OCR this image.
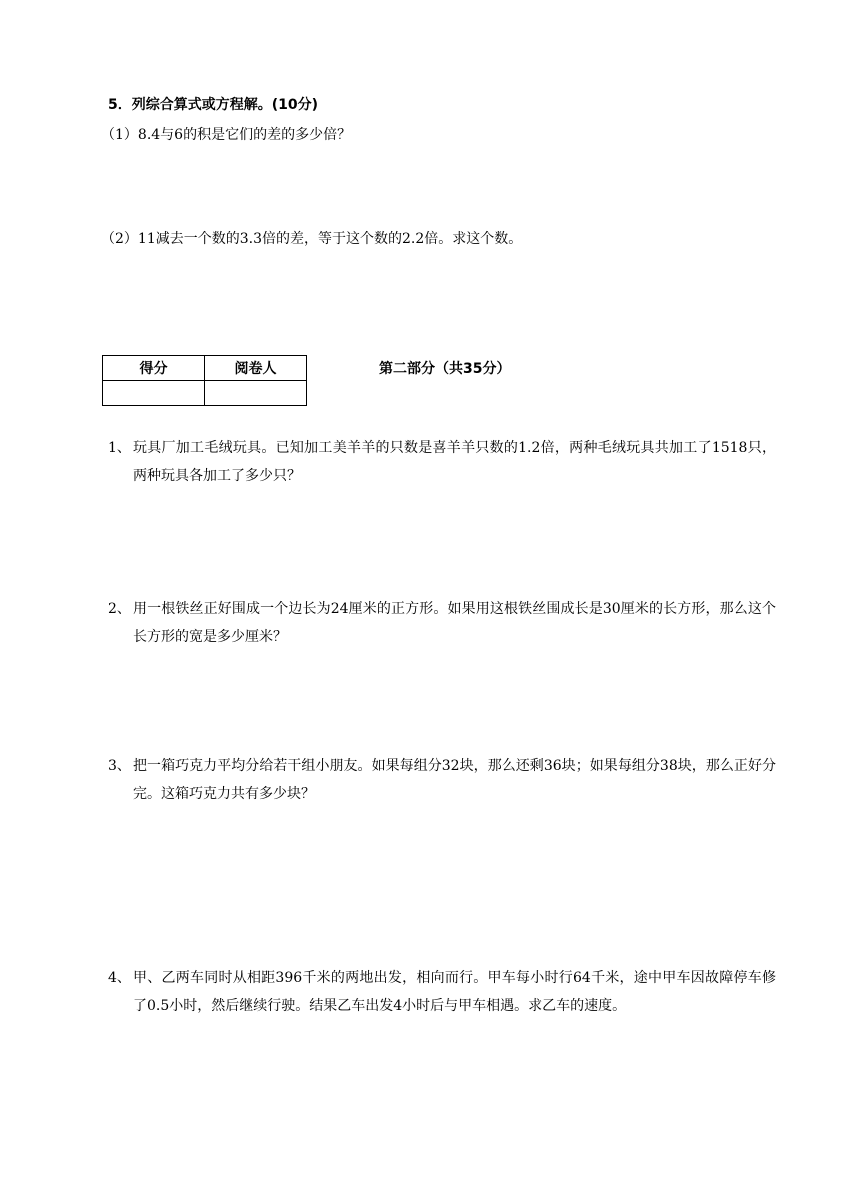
5．列综合算式或方程解。(10分)
（1）8.4与6的积是它们的差的多少倍？
（2）11减去一个数的3.3倍的差，等于这个数的2.2倍。求这个数。
得分	阅卷人
		第二部分（共35分）
1、 玩具厂加工毛绒玩具。已知加工美羊羊的只数是喜羊羊只数的1.2倍，两种毛绒玩具共加工了1518只，两种玩具各加工了多少只？
2、 用一根铁丝正好围成一个边长为24厘米的正方形。如果用这根铁丝围成长是30厘米的长方形，那么这个长方形的宽是多少厘米？
3、 把一箱巧克力平均分给若干组小朋友。如果每组分32块，那么还剩36块；如果每组分38块，那么正好分完。这箱巧克力共有多少块？
4、 甲、乙两车同时从相距396千米的两地出发，相向而行。甲车每小时行64千米，途中甲车因故障停车修了0.5小时，然后继续行驶。结果乙车出发4小时后与甲车相遇。求乙车的速度。
